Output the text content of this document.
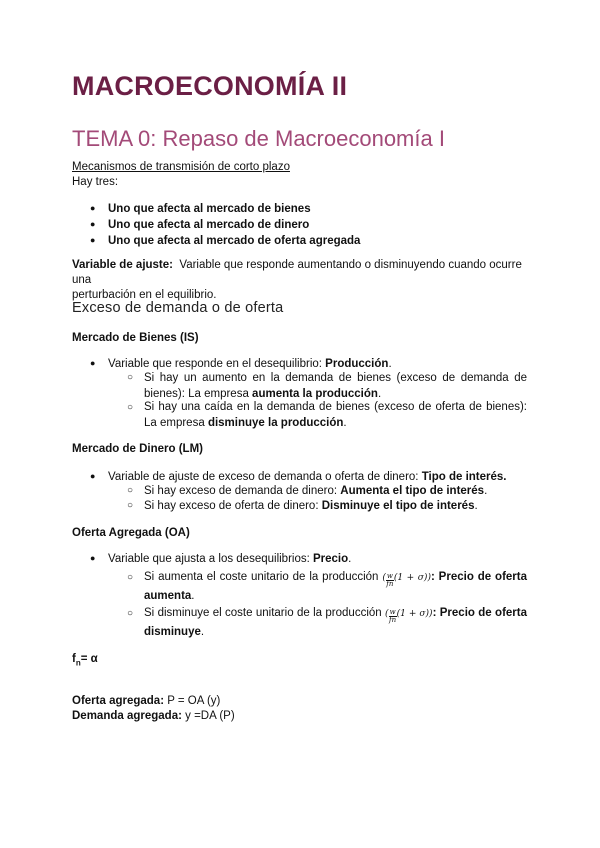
MACROECONOMÍA II
TEMA 0: Repaso de Macroeconomía I
Mecanismos de transmisión de corto plazo
Hay tres:
● Uno que afecta al mercado de bienes
● Uno que afecta al mercado de dinero
● Uno que afecta al mercado de oferta agregada
Variable de ajuste: Variable que responde aumentando o disminuyendo cuando ocurre una
perturbación en el equilibrio.
Exceso de demanda o de oferta
Mercado de Bienes (IS)
● Variable que responde en el desequilibrio: Producción.
○ Si hay un aumento en la demanda de bienes (exceso de demanda de bienes): La empresa aumenta la producción.
○ Si hay una caída en la demanda de bienes (exceso de oferta de bienes): La empresa disminuye la producción.
Mercado de Dinero (LM)
● Variable de ajuste de exceso de demanda o oferta de dinero: Tipo de interés.
○ Si hay exceso de demanda de dinero: Aumenta el tipo de interés.
○ Si hay exceso de oferta de dinero: Disminuye el tipo de interés.
Oferta Agregada (OA)
● Variable que ajusta a los desequilibrios: Precio.
○ Si aumenta el coste unitario de la producción ( $\frac{w}{fn} (1 + \sigma)$): Precio de oferta aumenta.
○ Si disminuye el coste unitario de la producción ( $\frac{w}{fn} (1 + \sigma)$): Precio de oferta disminuye.
$f_n= \alpha$
Oferta agregada: P = OA (y)
Demanda agregada: y =DA (P)
